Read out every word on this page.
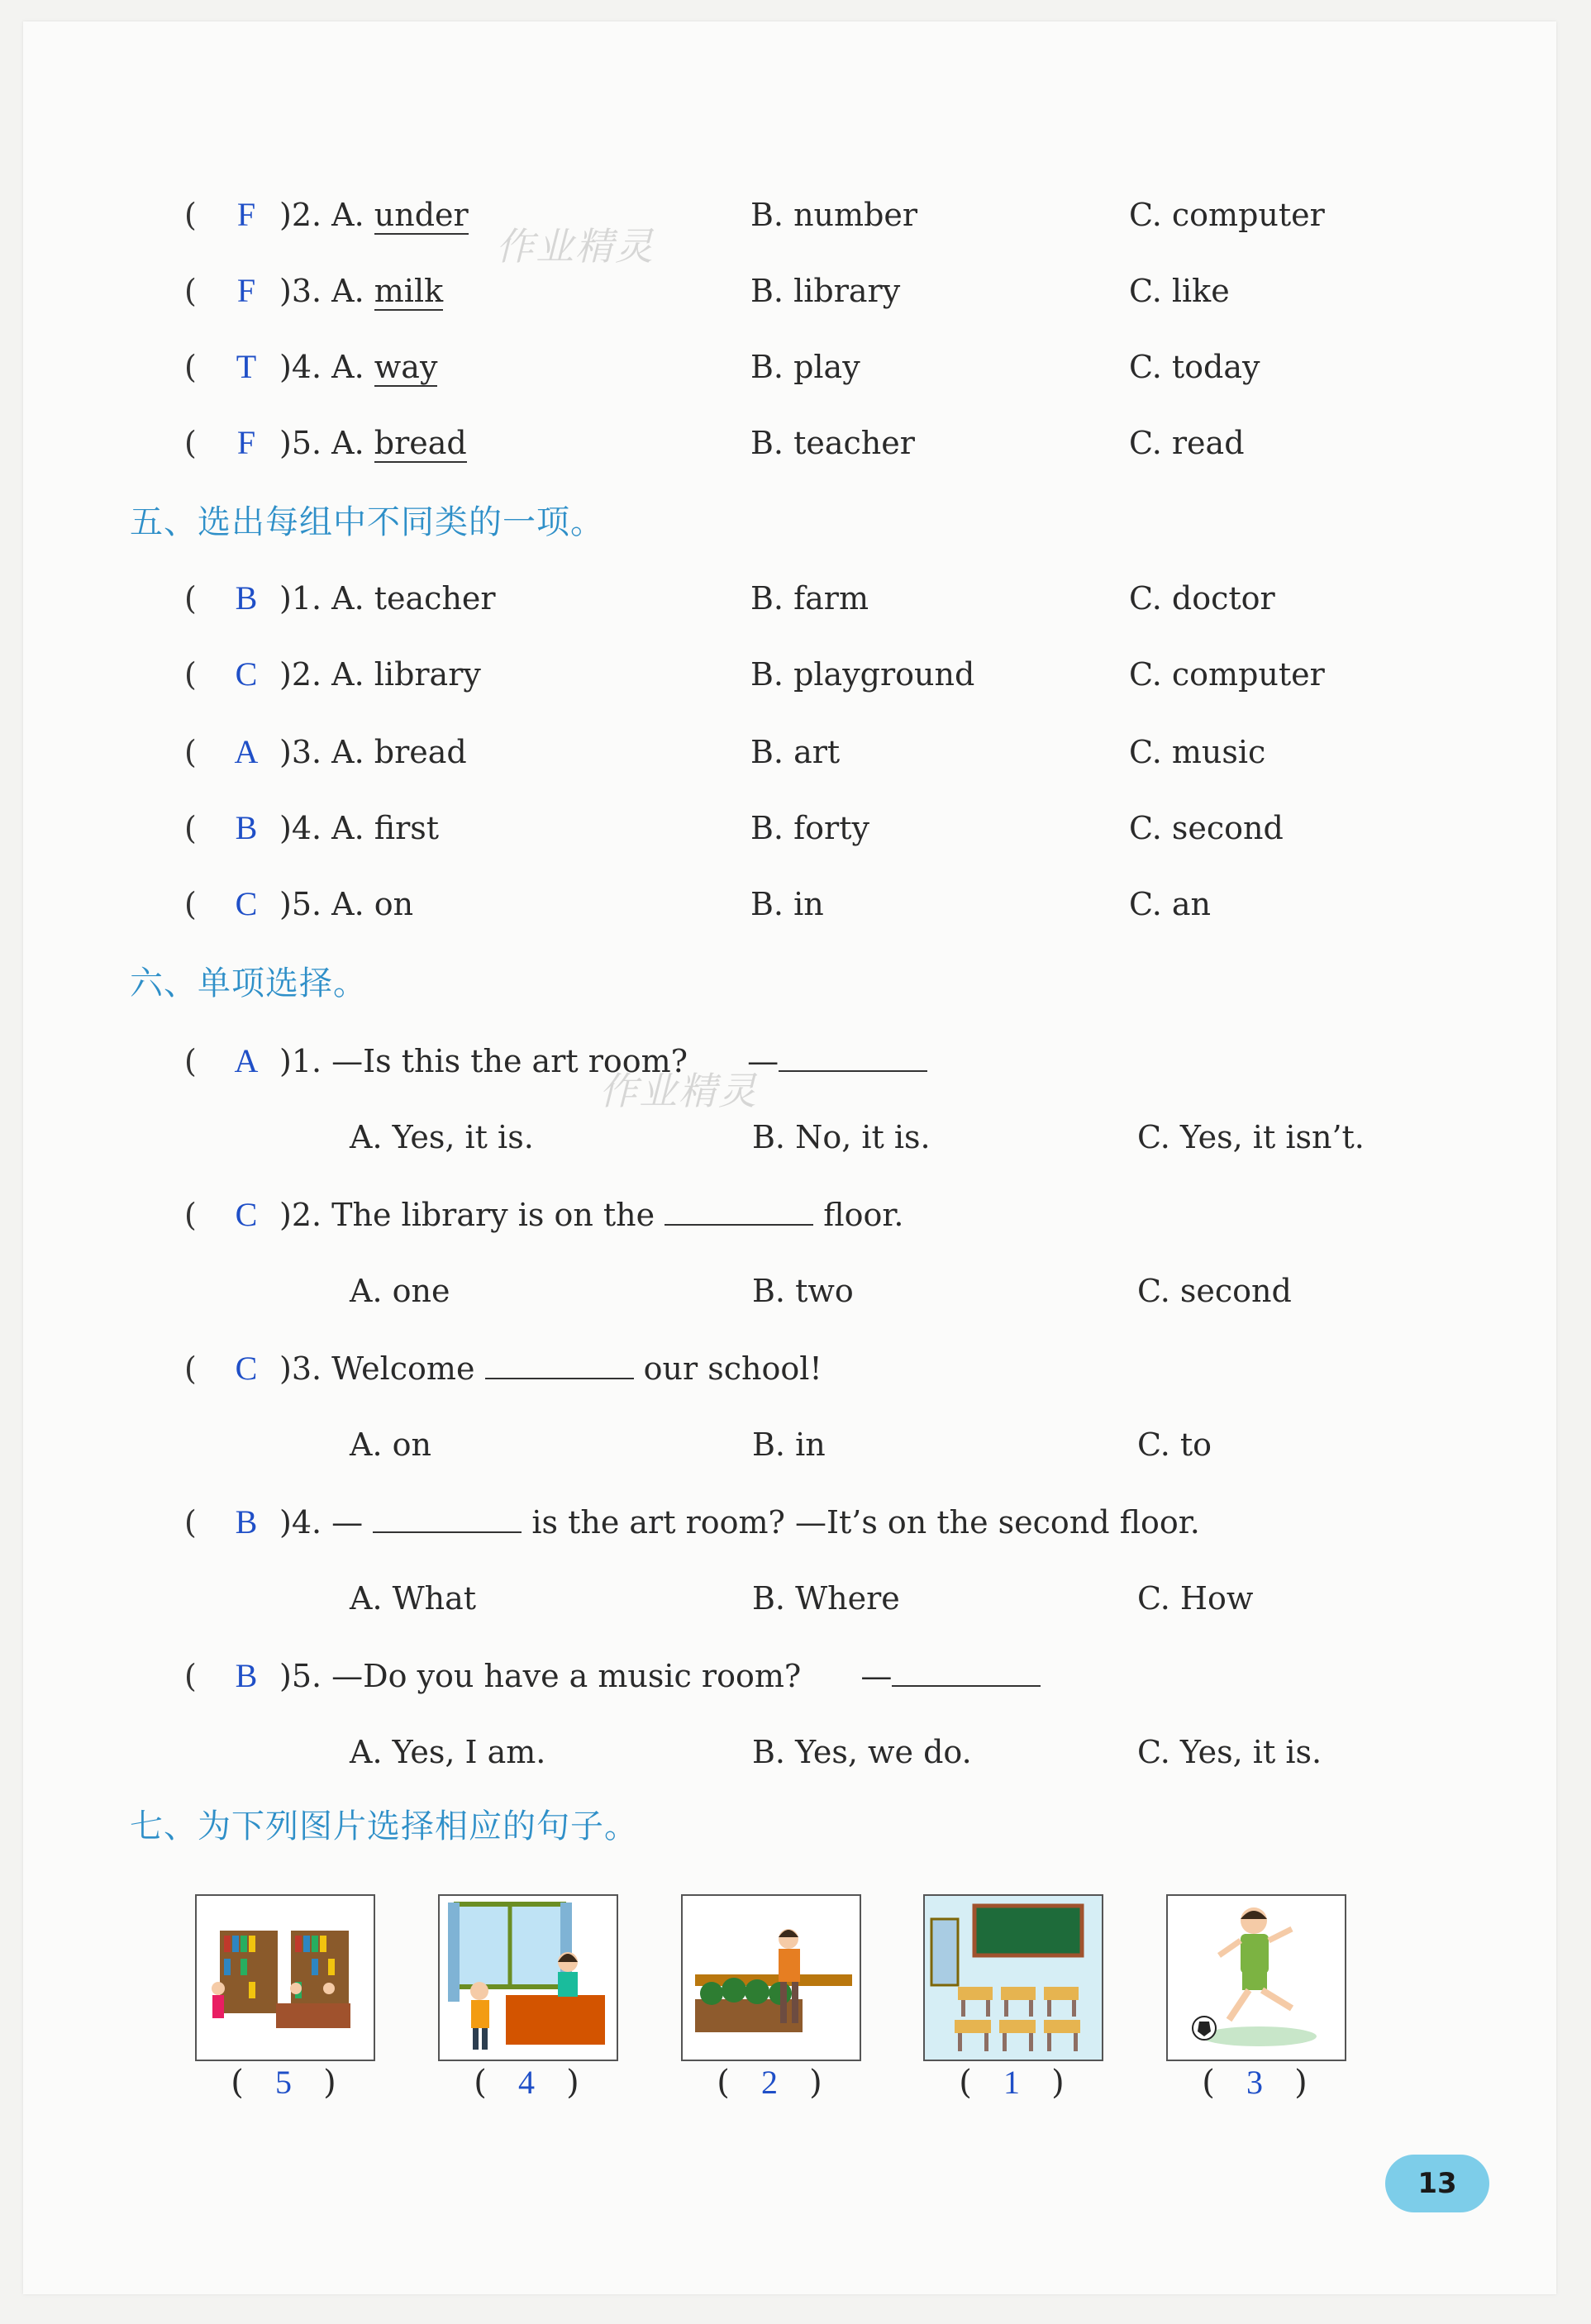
( F )2. A. under	B. number	C. computer
( F )3. A. milk	B. library	C. like
( T )4. A. way	B. play	C. today
( F )5. A. bread	B. teacher	C. read
五、选出每组中不同类的一项。
( B )1. A. teacher	B. farm	C. doctor
( C )2. A. library	B. playground	C. computer
( A )3. A. bread	B. art	C. music
( B )4. A. first	B. forty	C. second
( C )5. A. on	B. in	C. an
六、单项选择。
( A )1. —Is this the art room? —
A. Yes, it is.	B. No, it is.	C. Yes, it isn’t.
( C )2. The library is on the	floor.
A. one	B. two	C. second
( C )3. Welcome	our school!
A. on	B. in	C. to
( B )4. —	is the art room? —It’s on the second floor.
A. What	B. Where	C. How
( B )5. —Do you have a music room? —
A. Yes, I am.	B. Yes, we do.	C. Yes, it is.
七、为下列图片选择相应的句子。
( 5 )	( 4 )	( 2 )	( 1 )	( 3 )
13
作业精灵
作业精灵
